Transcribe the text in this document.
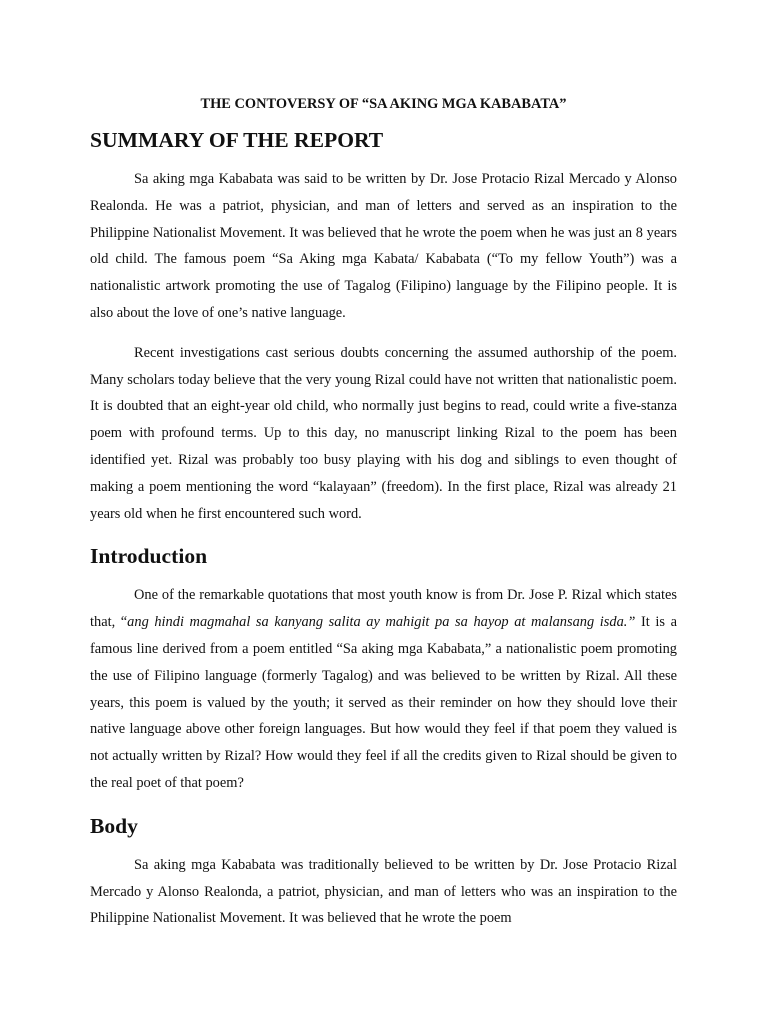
THE CONTOVERSY OF “SA AKING MGA KABABATA”
SUMMARY OF THE REPORT

Sa aking mga Kababata was said to be written by Dr. Jose Protacio Rizal Mercado y Alonso Realonda. He was a patriot, physician, and man of letters and served as an inspiration to the Philippine Nationalist Movement. It was believed that he wrote the poem when he was just an 8 years old child. The famous poem “Sa Aking mga Kabata/ Kababata (“To my fellow Youth”) was a nationalistic artwork promoting the use of Tagalog (Filipino) language by the Filipino people. It is also about the love of one’s native language.

Recent investigations cast serious doubts concerning the assumed authorship of the poem. Many scholars today believe that the very young Rizal could have not written that nationalistic poem. It is doubted that an eight-year old child, who normally just begins to read, could write a five-stanza poem with profound terms. Up to this day, no manuscript linking Rizal to the poem has been identified yet. Rizal was probably too busy playing with his dog and siblings to even thought of making a poem mentioning the word “kalayaan” (freedom). In the first place, Rizal was already 21 years old when he first encountered such word.

Introduction

One of the remarkable quotations that most youth know is from Dr. Jose P. Rizal which states that, “ang hindi magmahal sa kanyang salita ay mahigit pa sa hayop at malansang isda.” It is a famous line derived from a poem entitled “Sa aking mga Kababata,” a nationalistic poem promoting the use of Filipino language (formerly Tagalog) and was believed to be written by Rizal. All these years, this poem is valued by the youth; it served as their reminder on how they should love their native language above other foreign languages. But how would they feel if that poem they valued is not actually written by Rizal? How would they feel if all the credits given to Rizal should be given to the real poet of that poem?

Body

Sa aking mga Kababata was traditionally believed to be written by Dr. Jose Protacio Rizal Mercado y Alonso Realonda, a patriot, physician, and man of letters who was an inspiration to the Philippine Nationalist Movement. It was believed that he wrote the poem
